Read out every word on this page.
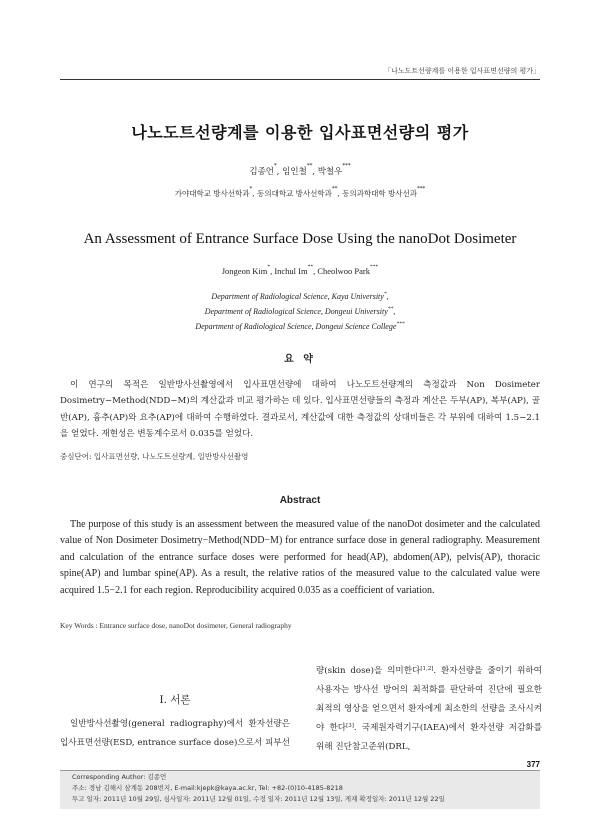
「나노도트선량계를 이용한 입사표면선량의 평가」
나노도트선량계를 이용한 입사표면선량의 평가
김종언*, 임인철**, 박철우***
가야대학교 방사선학과*, 동의대학교 방사선학과**, 동의과학대학 방사선과***
An Assessment of Entrance Surface Dose Using the nanoDot Dosimeter
Jongeon Kim*, Inchul Im**, Cheolwoo Park***
Department of Radiological Science, Kaya University*,
Department of Radiological Science, Dongeui University**,
Department of Radiological Science, Dongeui Science College***
요 약
이 연구의 목적은 일반방사선촬영에서 입사표면선량에 대하여 나노도트선량계의 측정값과 Non Dosimeter Dosimetry−Method(NDD−M)의 계산값과 비교 평가하는 데 있다. 입사표면선량들의 측정과 계산은 두부(AP), 복부(AP), 골반(AP), 흉추(AP)와 요추(AP)에 대하여 수행하였다. 결과로서, 계산값에 대한 측정값의 상대비들은 각 부위에 대하여 1.5−2.1을 얻었다. 재현성은 변동계수로서 0.035를 얻었다.
중심단어: 입사표면선량, 나노도트선량계, 일반방사선촬영
Abstract
The purpose of this study is an assessment between the measured value of the nanoDot dosimeter and the calculated value of Non Dosimeter Dosimetry−Method(NDD−M) for entrance surface dose in general radiography. Measurement and calculation of the entrance surface doses were performed for head(AP), abdomen(AP), pelvis(AP), thoracic spine(AP) and lumbar spine(AP). As a result, the relative ratios of the measured value to the calculated value were acquired 1.5−2.1 for each region. Reproducibility acquired 0.035 as a coefficient of variation.
Key Words : Entrance surface dose, nanoDot dosimeter, General radiography
Ⅰ. 서론
일반방사선촬영(general radiography)에서 환자선량은 입사표면선량(ESD, entrance surface dose)으로서 피부선
량(skin dose)을 의미한다[1,2]. 환자선량을 줄이기 위하여 사용자는 방사선 방어의 최적화를 판단하여 진단에 필요한 최적의 영상을 얻으면서 환자에게 최소한의 선량을 조사시켜야 한다[3]. 국제원자력기구(IAEA)에서 환자선량 저감화를 위해 진단참고준위(DRL,
Corresponding Author: 김종언
주소: 경남 김해시 삼계동 208번지, E-mail:kjepk@kaya.ac.kr, Tel: +82-(0)10-4185-8218
투고 일자: 2011년 10월 29일, 심사일자: 2011년 12월 01일, 수정 일자: 2011년 12월 13일, 게재 확정일자: 2011년 12월 22일
377
